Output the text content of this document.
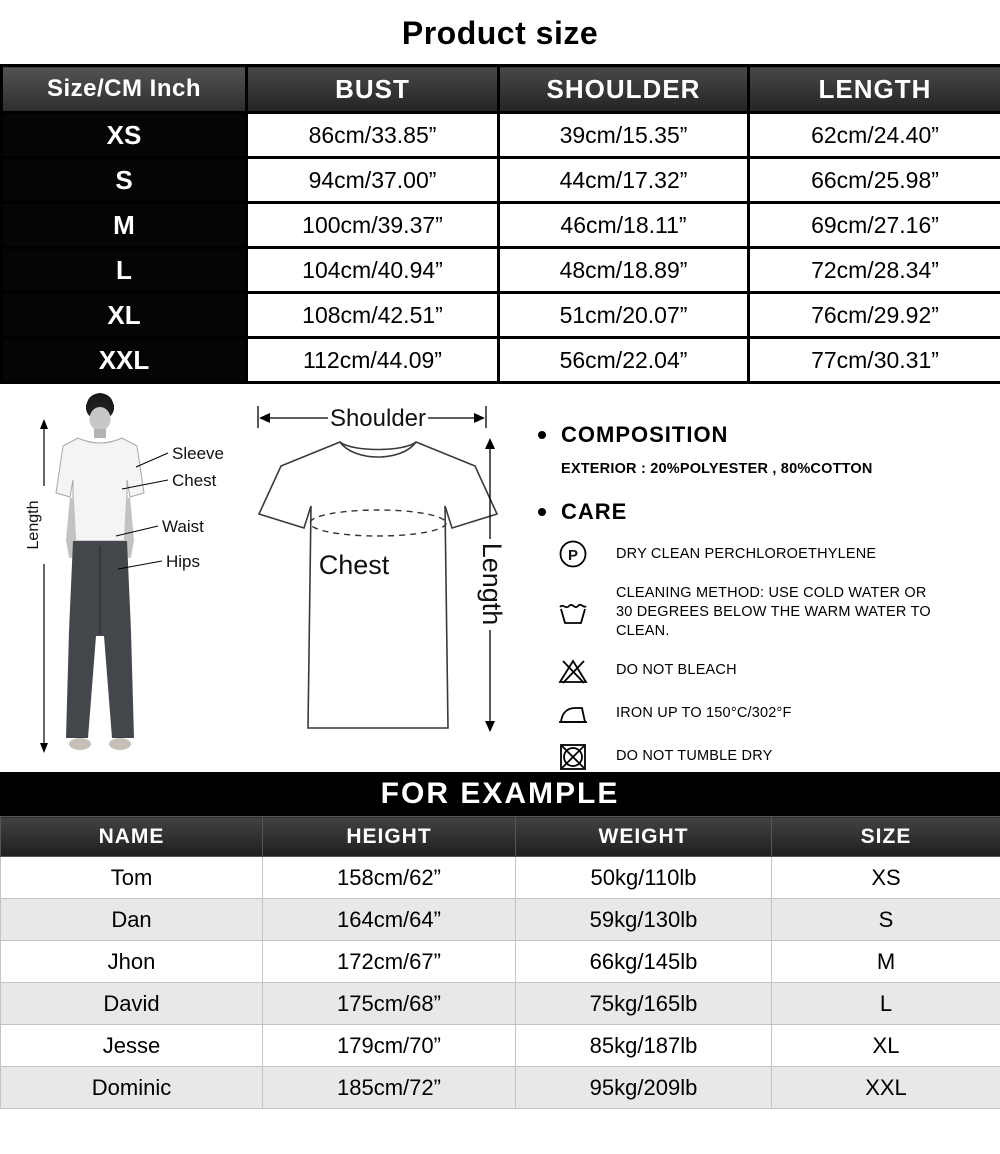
Product size
Size/CM Inch	BUST	SHOULDER	LENGTH
XS	86cm/33.85”	39cm/15.35”	62cm/24.40”
S	94cm/37.00”	44cm/17.32”	66cm/25.98”
M	100cm/39.37”	46cm/18.11”	69cm/27.16”
L	104cm/40.94”	48cm/18.89”	72cm/28.34”
XL	108cm/42.51”	51cm/20.07”	76cm/29.92”
XXL	112cm/44.09”	56cm/22.04”	77cm/30.31”
Length
Sleeve
Chest
Waist
Hips
Shoulder
Chest	Length
COMPOSITION
EXTERIOR : 20%POLYESTER , 80%COTTON
CARE
P	DRY CLEAN PERCHLOROETHYLENE
CLEANING METHOD: USE COLD WATER OR 30 DEGREES BELOW THE WARM WATER TO CLEAN.
DO NOT BLEACH
IRON UP TO 150°C/302°F
DO NOT TUMBLE DRY
FOR EXAMPLE
NAME	HEIGHT	WEIGHT	SIZE
Tom	158cm/62”	50kg/110lb	XS
Dan	164cm/64”	59kg/130lb	S
Jhon	172cm/67”	66kg/145lb	M
David	175cm/68”	75kg/165lb	L
Jesse	179cm/70”	85kg/187lb	XL
Dominic	185cm/72”	95kg/209lb	XXL
